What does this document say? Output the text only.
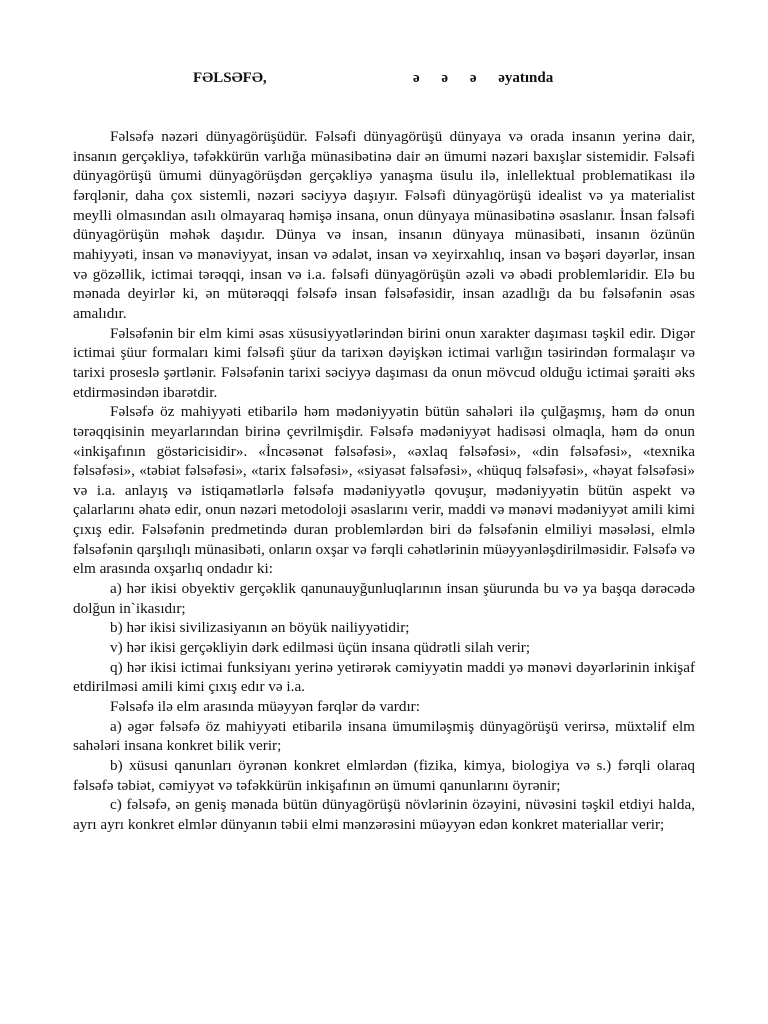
FƏLSƏFƏ,	ə ə ə əyatında

Fəlsəfə nəzəri dünyagörüşüdür. Fəlsəfi dünyagörüşü dünyaya və orada insanın yerinə dair, insanın gerçəkliyə, təfəkkürün varlığa münasibətinə dair ən ümumi nəzəri baxışlar sistemidir. Fəlsəfi dünyagörüşü ümumi dünyagörüşdən gerçəkliyə yanaşma üsulu ilə, inlellektual problematikası ilə fərqlənir, daha çox sistemli, nəzəri səciyyə daşıyır. Fəlsəfi dünyagörüşü idealist və ya materialist meylli olmasından asılı olmayaraq həmişə insana, onun dünyaya münasibətinə əsaslanır. İnsan fəlsəfi dünyagörüşün məhək daşıdır. Dünya və insan, insanın dünyaya münasibəti, insanın özünün mahiyyəti, insan və mənəviyyat, insan və ədalət, insan və xeyirxahlıq, insan və bəşəri dəyərlər, insan və gözəllik, ictimai tərəqqi, insan və i.a. fəlsəfi dünyagörüşün əzəli və əbədi problemləridir. Elə bu mənada deyirlər ki, ən mütərəqqi fəlsəfə insan fəlsəfəsidir, insan azadlığı da bu fəlsəfənin əsas amalıdır.

Fəlsəfənin bir elm kimi əsas xüsusiyyətlərindən birini onun xarakter daşıması təşkil edir. Digər ictimai şüur formaları kimi fəlsəfi şüur da tarixən dəyişkən ictimai varlığın təsirindən formalaşır və tarixi proseslə şərtlənir. Fəlsəfənin tarixi səciyyə daşıması da onun mövcud olduğu ictimai şəraiti əks etdirməsindən ibarətdir.

Fəlsəfə öz mahiyyəti etibarilə həm mədəniyyətin bütün sahələri ilə çulğaşmış, həm də onun tərəqqisinin meyarlarından birinə çevrilmişdir. Fəlsəfə mədəniyyət hadisəsi olmaqla, həm də onun «inkişafının göstəricisidir». «İncəsənət fəlsəfəsi», «əxlaq fəlsəfəsi», «din fəlsəfəsi», «texnika fəlsəfəsi», «təbiət fəlsəfəsi», «tarix fəlsəfəsi», «siyasət fəlsəfəsi», «hüquq fəlsəfəsi», «həyat fəlsəfəsi» və i.a. anlayış və istiqamətlərlə fəlsəfə mədəniyyətlə qovuşur, mədəniyyətin bütün aspekt və çalarlarını əhatə edir, onun nəzəri metodoloji əsaslarını verir, maddi və mənəvi mədəniyyət amili kimi çıxış edir. Fəlsəfənin predmetində duran problemlərdən biri də fəlsəfənin elmiliyi məsələsi, elmlə fəlsəfənin qarşılıqlı münasibəti, onların oxşar və fərqli cəhətlərinin müəyyənləşdirilməsidir. Fəlsəfə və elm arasında oxşarlıq ondadır ki:

a) hər ikisi obyektiv gerçəklik qanunauyğunluqlarının insan şüurunda bu və ya başqa dərəcədə dolğun in`ikasıdır;

b) hər ikisi sivilizasiyanın ən böyük nailiyyətidir;

v) hər ikisi gerçəkliyin dərk edilməsi üçün insana qüdrətli silah verir;

q) hər ikisi ictimai funksiyanı yerinə yetirərək cəmiyyətin maddi yə mənəvi dəyərlərinin inkişaf etdirilməsi amili kimi çıxış edır və i.a.

Fəlsəfə ilə elm arasında müəyyən fərqlər də vardır:

a) əgər fəlsəfə öz mahiyyəti etibarilə insana ümumiləşmiş dünyagörüşü verirsə, müxtəlif elm sahələri insana konkret bilik verir;

b) xüsusi qanunları öyrənən konkret elmlərdən (fizika, kimya, biologiya və s.) fərqli olaraq fəlsəfə təbiət, cəmiyyət və təfəkkürün inkişafının ən ümumi qanunlarını öyrənir;

c) fəlsəfə, ən geniş mənada bütün dünyagörüşü növlərinin özəyini, nüvəsini təşkil etdiyi halda, ayrı ayrı konkret elmlər dünyanın təbii elmi mənzərəsini müəyyən edən konkret materiallar verir;
